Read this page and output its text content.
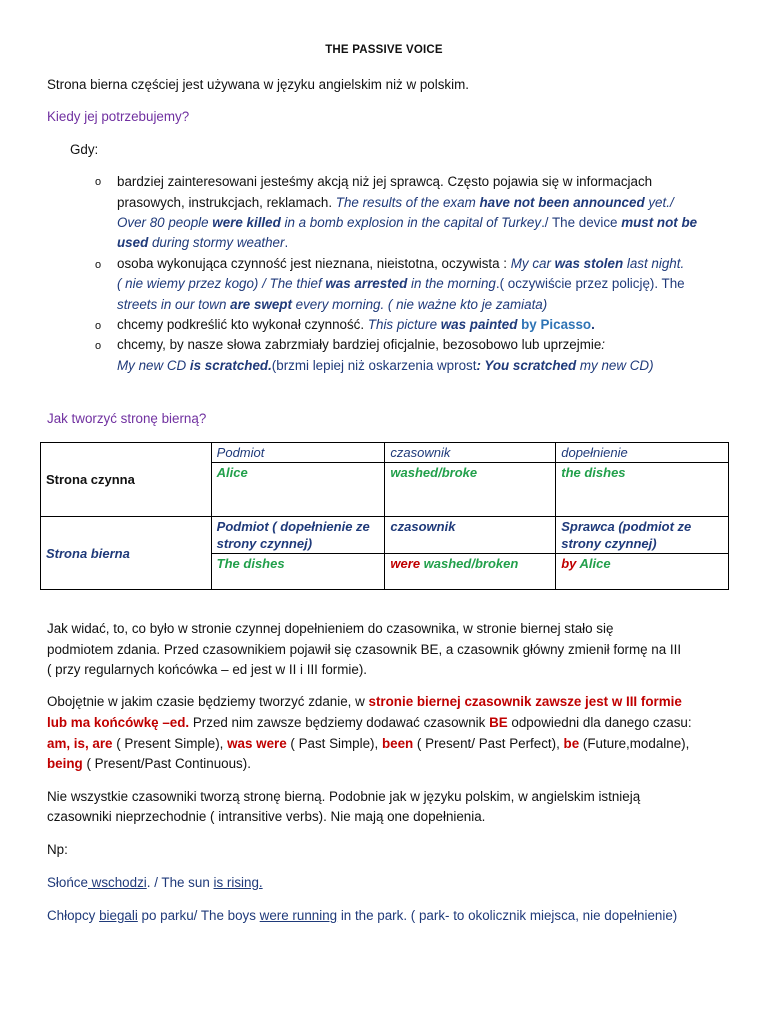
THE PASSIVE VOICE
Strona bierna częściej jest używana w języku angielskim niż w polskim.
Kiedy jej potrzebujemy?
Gdy:
o bardziej zainteresowani jesteśmy akcją niż jej sprawcą. Często pojawia się w informacjach
prasowych, instrukcjach, reklamach. The results of the exam have not been announced yet./
Over 80 people were killed in a bomb explosion in the capital of Turkey./ The device must not be
used during stormy weather.
o osoba wykonująca czynność jest nieznana, nieistotna, oczywista : My car was stolen last night.
( nie wiemy przez kogo) / The thief was arrested in the morning.( oczywiście przez policję). The
streets in our town are swept every morning. ( nie ważne kto je zamiata)
o chcemy podkreślić kto wykonał czynność. This picture was painted by Picasso.
o chcemy, by nasze słowa zabrzmiały bardziej oficjalnie, bezosobowo lub uprzejmie:
My new CD is scratched.(brzmi lepiej niż oskarzenia wprost: You scratched my new CD)
Jak tworzyć stronę bierną?
Strona czynna	Podmiot	czasownik	dopełnienie
	Alice	washed/broke	the dishes
Strona bierna	Podmiot ( dopełnienie ze strony czynnej)	czasownik	Sprawca (podmiot ze strony czynnej)
	The dishes	were washed/broken	by Alice
Jak widać, to, co było w stronie czynnej dopełnieniem do czasownika, w stronie biernej stało się
podmiotem zdania. Przed czasownikiem pojawił się czasownik BE, a czasownik główny zmienił formę na III
( przy regularnych końcówka – ed jest w II i III formie).
Obojętnie w jakim czasie będziemy tworzyć zdanie, w stronie biernej czasownik zawsze jest w III formie
lub ma końcówkę –ed. Przed nim zawsze będziemy dodawać czasownik BE odpowiedni dla danego czasu:
am, is, are ( Present Simple), was were ( Past Simple), been ( Present/ Past Perfect), be (Future,modalne),
being ( Present/Past Continuous).
Nie wszystkie czasowniki tworzą stronę bierną. Podobnie jak w języku polskim, w angielskim istnieją
czasowniki nieprzechodnie ( intransitive verbs). Nie mają one dopełnienia.
Np:
Słońce wschodzi. / The sun is rising.
Chłopcy biegali po parku/ The boys were running in the park. ( park- to okolicznik miejsca, nie dopełnienie)
